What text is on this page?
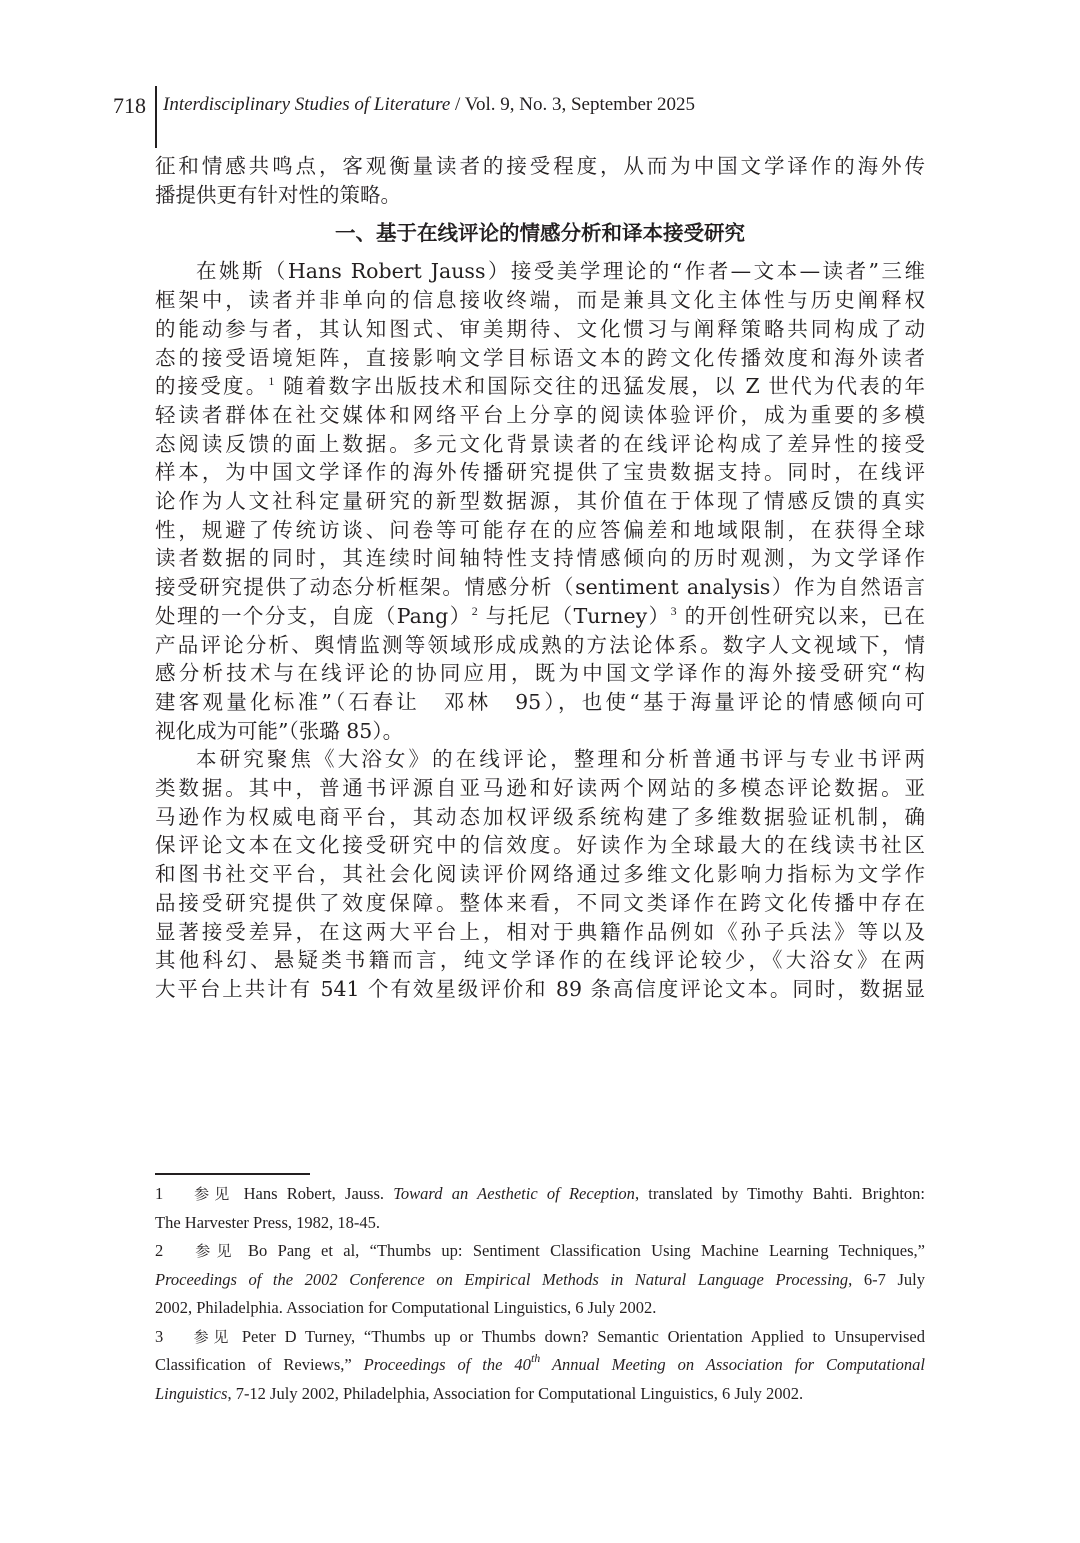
718 Interdisciplinary Studies of Literature / Vol. 9, No. 3, September 2025
征和情感共鸣点，客观衡量读者的接受程度，从而为中国文学译作的海外传
播提供更有针对性的策略。
一、基于在线评论的情感分析和译本接受研究
在姚斯（Hans Robert Jauss）接受美学理论的“作者—文本—读者”三维
框架中，读者并非单向的信息接收终端，而是兼具文化主体性与历史阐释权
的能动参与者，其认知图式、审美期待、文化惯习与阐释策略共同构成了动
态的接受语境矩阵，直接影响文学目标语文本的跨文化传播效度和海外读者
的接受度。$^1$ 随着数字出版技术和国际交往的迅猛发展，以 Z 世代为代表的年
轻读者群体在社交媒体和网络平台上分享的阅读体验评价，成为重要的多模
态阅读反馈的面上数据。多元文化背景读者的在线评论构成了差异性的接受
样本，为中国文学译作的海外传播研究提供了宝贵数据支持。同时，在线评
论作为人文社科定量研究的新型数据源，其价值在于体现了情感反馈的真实
性，规避了传统访谈、问卷等可能存在的应答偏差和地域限制，在获得全球
读者数据的同时，其连续时间轴特性支持情感倾向的历时观测，为文学译作
接受研究提供了动态分析框架。情感分析（sentiment analysis）作为自然语言
处理的一个分支，自庞（Pang）$^2$ 与托尼（Turney）$^3$ 的开创性研究以来，已在
产品评论分析、舆情监测等领域形成成熟的方法论体系。数字人文视域下，情
感分析技术与在线评论的协同应用，既为中国文学译作的海外接受研究“构
建客观量化标准”（石春让　邓林　95），也使“基于海量评论的情感倾向可
视化成为可能”（张璐 85）。
本研究聚焦《大浴女》的在线评论，整理和分析普通书评与专业书评两
类数据。其中，普通书评源自亚马逊和好读两个网站的多模态评论数据。亚
马逊作为权威电商平台，其动态加权评级系统构建了多维数据验证机制，确
保评论文本在文化接受研究中的信效度。好读作为全球最大的在线读书社区
和图书社交平台，其社会化阅读评价网络通过多维文化影响力指标为文学作
品接受研究提供了效度保障。整体来看，不同文类译作在跨文化传播中存在
显著接受差异，在这两大平台上，相对于典籍作品例如《孙子兵法》等以及
其他科幻、悬疑类书籍而言，纯文学译作的在线评论较少，《大浴女》在两
大平台上共计有 541 个有效星级评价和 89 条高信度评论文本。同时，数据显
1 参见 Hans Robert, Jauss. Toward an Aesthetic of Reception, translated by Timothy Bahti. Brighton:
The Harvester Press, 1982, 18-45.
2 参见 Bo Pang et al, “Thumbs up: Sentiment Classification Using Machine Learning Techniques,”
Proceedings of the 2002 Conference on Empirical Methods in Natural Language Processing, 6-7 July
2002, Philadelphia. Association for Computational Linguistics, 6 July 2002.
3 参见 Peter D Turney, “Thumbs up or Thumbs down? Semantic Orientation Applied to Unsupervised
Classification of Reviews,” Proceedings of the 40th Annual Meeting on Association for Computational
Linguistics, 7-12 July 2002, Philadelphia, Association for Computational Linguistics, 6 July 2002.
